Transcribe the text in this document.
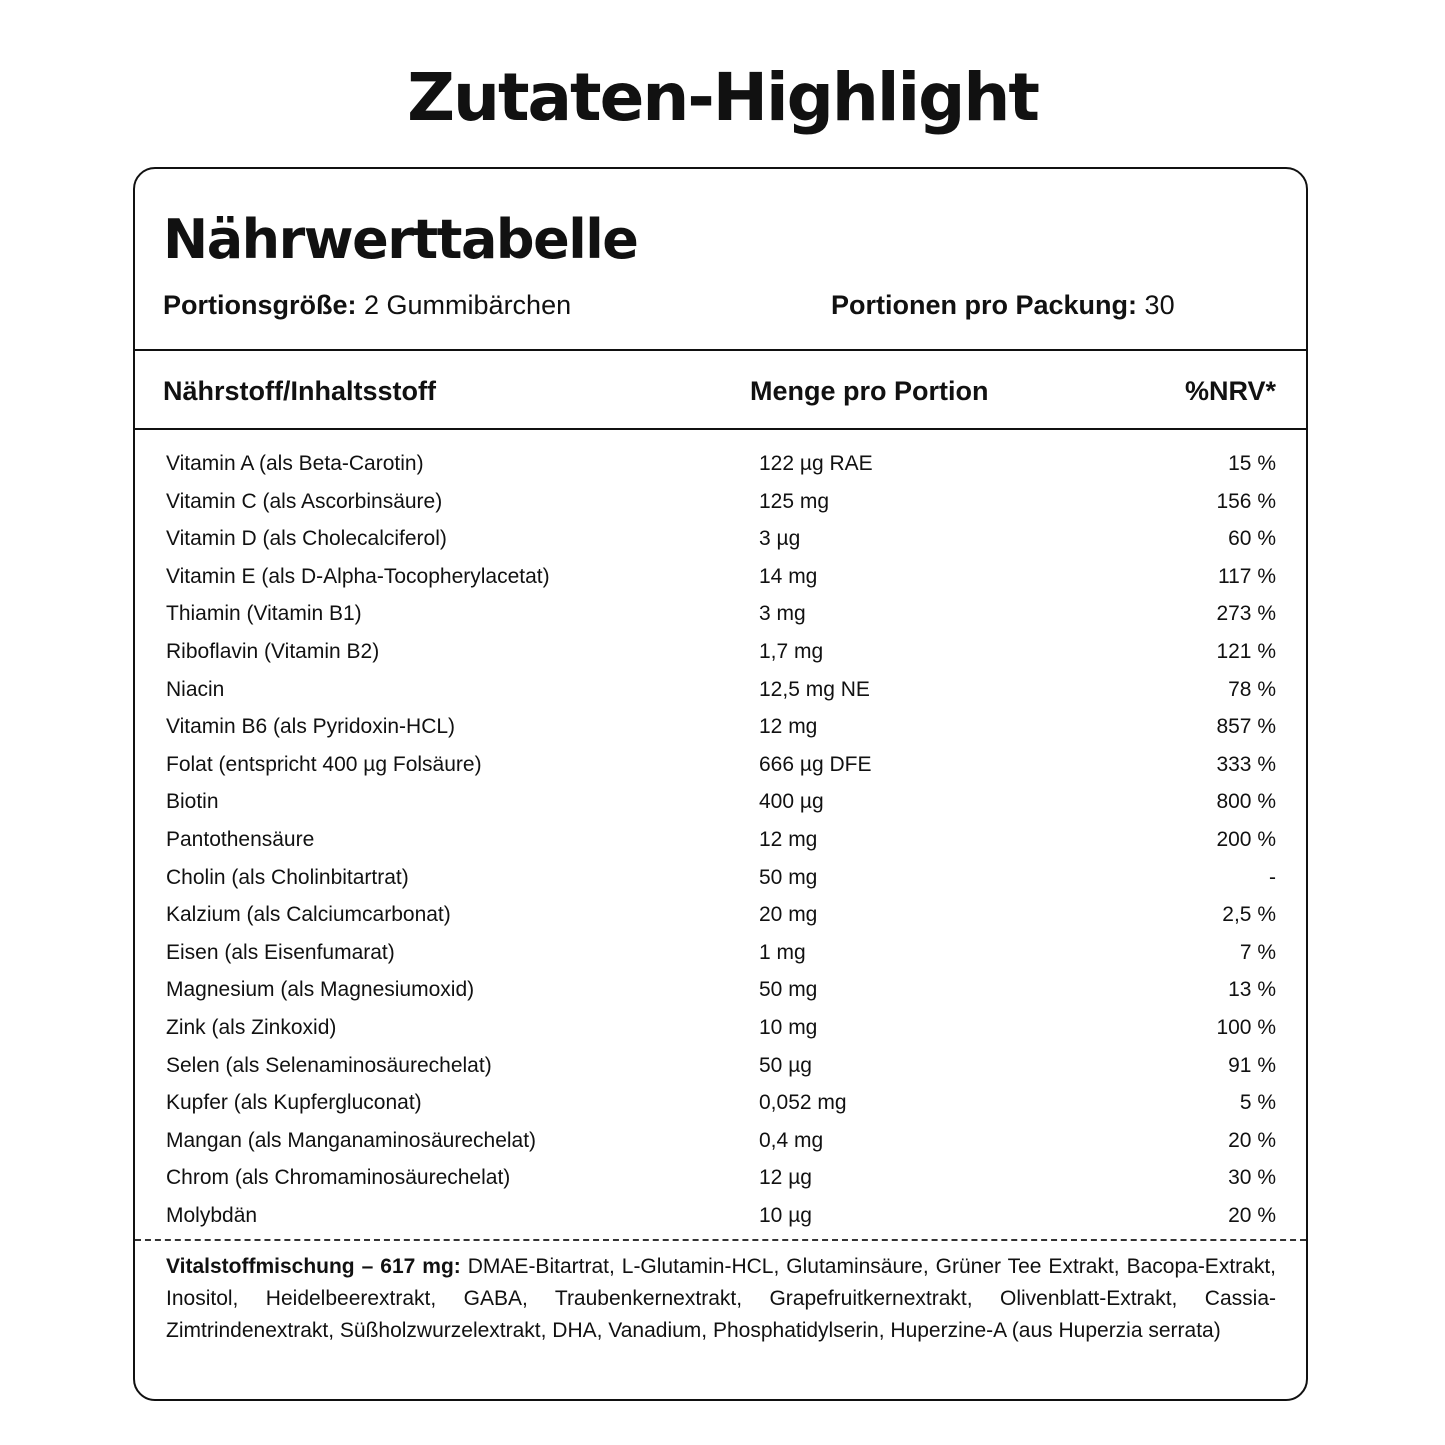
Zutaten-Highlight
Nährwerttabelle
Portionsgröße: 2 Gummibärchen	Portionen pro Packung: 30
Nährstoff/Inhaltsstoff	Menge pro Portion	%NRV*
Vitamin A (als Beta-Carotin)	122 µg RAE	15 %
Vitamin C (als Ascorbinsäure)	125 mg	156 %
Vitamin D (als Cholecalciferol)	3 µg	60 %
Vitamin E (als D-Alpha-Tocopherylacetat)	14 mg	117 %
Thiamin (Vitamin B1)	3 mg	273 %
Riboflavin (Vitamin B2)	1,7 mg	121 %
Niacin	12,5 mg NE	78 %
Vitamin B6 (als Pyridoxin-HCL)	12 mg	857 %
Folat (entspricht 400 µg Folsäure)	666 µg DFE	333 %
Biotin	400 µg	800 %
Pantothensäure	12 mg	200 %
Cholin (als Cholinbitartrat)	50 mg	-
Kalzium (als Calciumcarbonat)	20 mg	2,5 %
Eisen (als Eisenfumarat)	1 mg	7 %
Magnesium (als Magnesiumoxid)	50 mg	13 %
Zink (als Zinkoxid)	10 mg	100 %
Selen (als Selenaminosäurechelat)	50 µg	91 %
Kupfer (als Kupfergluconat)	0,052 mg	5 %
Mangan (als Manganaminosäurechelat)	0,4 mg	20 %
Chrom (als Chromaminosäurechelat)	12 µg	30 %
Molybdän	10 µg	20 %

Vitalstoffmischung – 617 mg: DMAE-Bitartrat, L-Glutamin-HCL, Glutaminsäure, Grüner Tee Extrakt, Bacopa-Extrakt, Inositol, Heidelbeerextrakt, GABA, Traubenkernextrakt, Grapefruitkernextrakt, Olivenblatt-Extrakt, Cassia-Zimtrindenextrakt, Süßholzwurzelextrakt, DHA, Vanadium, Phosphatidylserin, Huperzine-A (aus Huperzia serrata)
